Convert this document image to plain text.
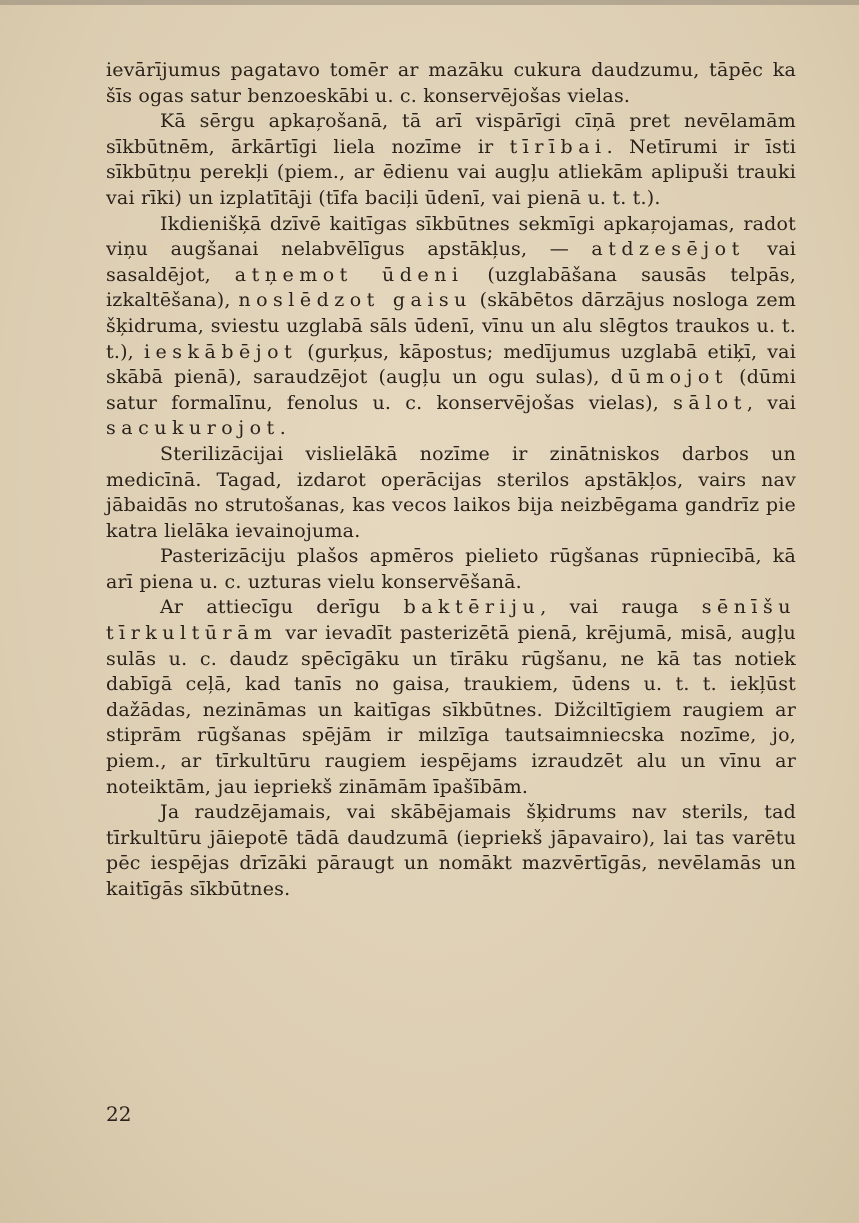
ievārījumus pagatavo tomēr ar mazāku cukura daudzumu, tāpēc ka šīs ogas satur benzoeskābi u. c. konservējošas vielas.

Kā sērgu apkaŗošanā, tā arī vispārīgi cīņā pret nevēlamām sīkbūtnēm, ārkārtīgi liela nozīme ir tīrībai. Netīrumi ir īsti sīkbūtņu perekļi (piem., ar ēdienu vai augļu atliekām aplipuši trauki vai rīki) un izplatītāji (tīfa baciļi ūdenī, vai pienā u. t. t.).

Ikdienišķā dzīvē kaitīgas sīkbūtnes sekmīgi apkaŗojamas, radot viņu augšanai nelabvēlīgus apstākļus, — atdzesējot vai sasaldējot, atņemot ūdeni (uzglabāšana sausās telpās, izkaltēšana), noslēdzot gaisu (skābētos dārzājus nosloga zem šķidruma, sviestu uzglabā sāls ūdenī, vīnu un alu slēgtos traukos u. t. t.), ieskābējot (gurķus, kāpostus; medījumus uzglabā etiķī, vai skābā pienā), saraudzējot (augļu un ogu sulas), dūmojot (dūmi satur formalīnu, fenolus u. c. konservējošas vielas), sālot, vai sacukurojot.

Sterilizācijai vislielākā nozīme ir zinātniskos darbos un medicīnā. Tagad, izdarot operācijas sterilos apstākļos, vairs nav jābaidās no strutošanas, kas vecos laikos bija neizbēgama gandrīz pie katra lielāka ievainojuma.

Pasterizāciju plašos apmēros pielieto rūgšanas rūpniecībā, kā arī piena u. c. uzturas vielu konservēšanā.

Ar attiecīgu derīgu baktēriju, vai rauga sēnīšu tīrkultūrām var ievadīt pasterizētā pienā, krējumā, misā, augļu sulās u. c. daudz spēcīgāku un tīrāku rūgšanu, ne kā tas notiek dabīgā ceļā, kad tanīs no gaisa, traukiem, ūdens u. t. t. iekļūst dažādas, nezināmas un kaitīgas sīkbūtnes. Dižciltīgiem raugiem ar stiprām rūgšanas spējām ir milzīga tautsaimniecska nozīme, jo, piem., ar tīrkultūru raugiem iespējams izraudzēt alu un vīnu ar noteiktām, jau iepriekš zināmām īpašībām.

Ja raudzējamais, vai skābējamais šķidrums nav sterils, tad tīrkultūru jāiepotē tādā daudzumā (iepriekš jāpavairo), lai tas varētu pēc iespējas drīzāki pāraugt un nomākt mazvērtīgās, nevēlamās un kaitīgās sīkbūtnes.

22
